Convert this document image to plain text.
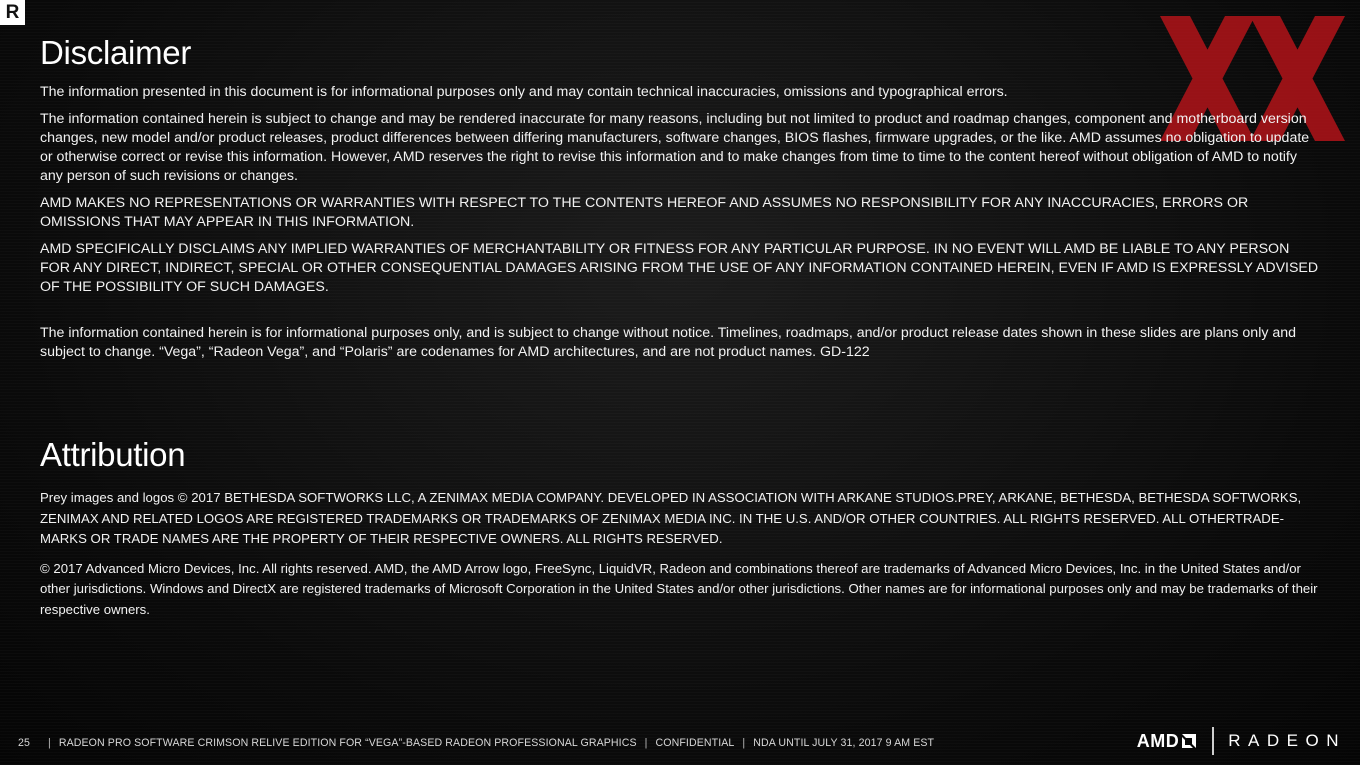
R
Disclaimer

The information presented in this document is for informational purposes only and may contain technical inaccuracies, omissions and typographical errors.

The information contained herein is subject to change and may be rendered inaccurate for many reasons, including but not limited to product and roadmap changes, component and motherboard version changes, new model and/or product releases, product differences between differing manufacturers, software changes, BIOS flashes, firmware upgrades, or the like. AMD assumes no obligation to update or otherwise correct or revise this information. However, AMD reserves the right to revise this information and to make changes from time to time to the content hereof without obligation of AMD to notify any person of such revisions or changes.

AMD MAKES NO REPRESENTATIONS OR WARRANTIES WITH RESPECT TO THE CONTENTS HEREOF AND ASSUMES NO RESPONSIBILITY FOR ANY INACCURACIES, ERRORS OR OMISSIONS THAT MAY APPEAR IN THIS INFORMATION.

AMD SPECIFICALLY DISCLAIMS ANY IMPLIED WARRANTIES OF MERCHANTABILITY OR FITNESS FOR ANY PARTICULAR PURPOSE. IN NO EVENT WILL AMD BE LIABLE TO ANY PERSON FOR ANY DIRECT, INDIRECT, SPECIAL OR OTHER CONSEQUENTIAL DAMAGES ARISING FROM THE USE OF ANY INFORMATION CONTAINED HEREIN, EVEN IF AMD IS EXPRESSLY ADVISED OF THE POSSIBILITY OF SUCH DAMAGES.

The information contained herein is for informational purposes only, and is subject to change without notice. Timelines, roadmaps, and/or product release dates shown in these slides are plans only and subject to change. “Vega”, “Radeon Vega”, and “Polaris” are codenames for AMD architectures, and are not product names. GD-122

Attribution

Prey images and logos © 2017 BETHESDA SOFTWORKS LLC, A ZENIMAX MEDIA COMPANY. DEVELOPED IN ASSOCIATION WITH ARKANE STUDIOS.PREY, ARKANE, BETHESDA, BETHESDA SOFTWORKS, ZENIMAX AND RELATED LOGOS ARE REGISTERED TRADEMARKS OR TRADEMARKS OF ZENIMAX MEDIA INC. IN THE U.S. AND/OR OTHER COUNTRIES. ALL RIGHTS RESERVED. ALL OTHERTRADE- MARKS OR TRADE NAMES ARE THE PROPERTY OF THEIR RESPECTIVE OWNERS. ALL RIGHTS RESERVED.

© 2017 Advanced Micro Devices, Inc. All rights reserved. AMD, the AMD Arrow logo, FreeSync, LiquidVR, Radeon and combinations thereof are trademarks of Advanced Micro Devices, Inc. in the United States and/or other jurisdictions. Windows and DirectX are registered trademarks of Microsoft Corporation in the United States and/or other jurisdictions. Other names are for informational purposes only and may be trademarks of their respective owners.

25 | RADEON PRO SOFTWARE CRIMSON RELIVE EDITION FOR “VEGA”-BASED RADEON PROFESSIONAL GRAPHICS | CONFIDENTIAL | NDA UNTIL JULY 31, 2017 9 AM EST	AMD	RADEON
